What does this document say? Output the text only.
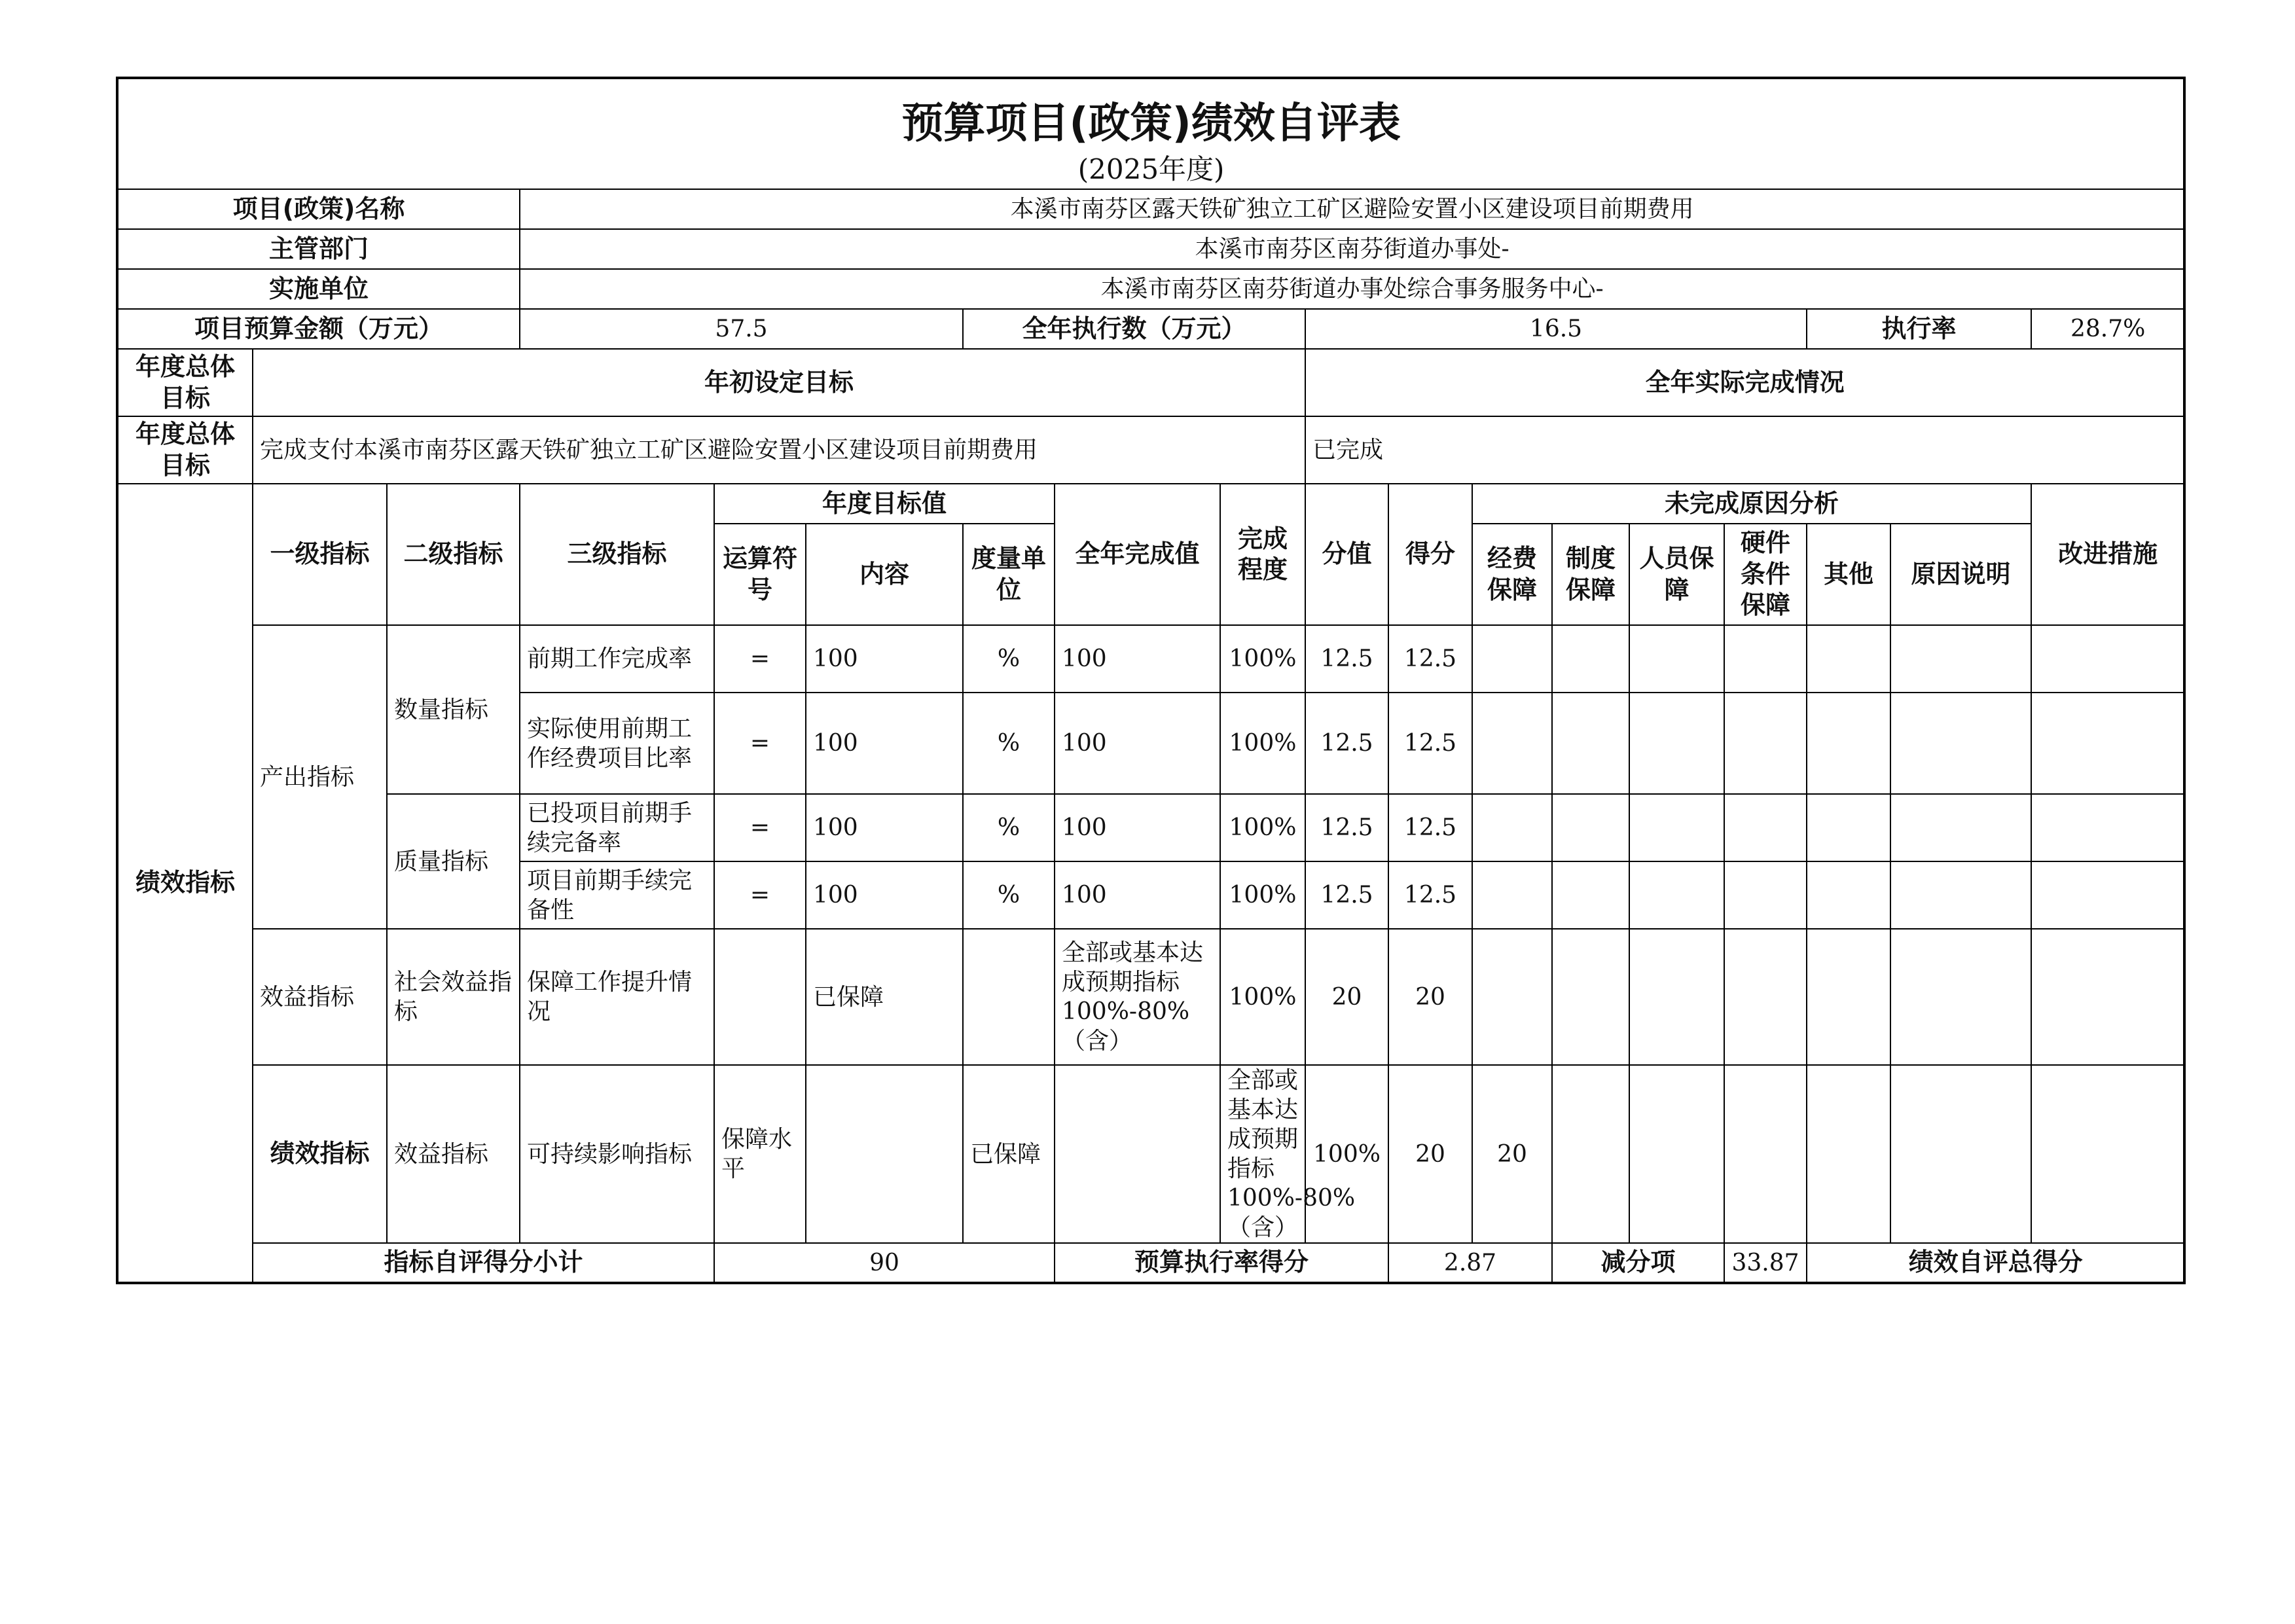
预算项目(政策)绩效自评表																		
(2025年度)																		
项目(政策)名称			本溪市南芬区露天铁矿独立工矿区避险安置小区建设项目前期费用															
主管部门			本溪市南芬区南芬街道办事处-															
实施单位			本溪市南芬区南芬街道办事处综合事务服务中心-															
项目预算金额（万元）			57.5			全年执行数（万元）			16.5						执行率		28.7%	
年度总体目标	年初设定目标								全年实际完成情况									
年度总体目标	完成支付本溪市南芬区露天铁矿独立工矿区避险安置小区建设项目前期费用								已完成									
绩效指标	一级指标	二级指标	三级指标	年度目标值			全年完成值	完成程度	分值	得分	未完成原因分析						改进措施	
				运算符号	内容	度量单位					经费保障	制度保障	人员保障	硬件条件保障	其他	原因说明		
	产出指标	数量指标	前期工作完成率	=	100	%	100	100%	12.5	12.5								
			实际使用前期工作经费项目比率	=	100	%	100	100%	12.5	12.5								
		质量指标	已投项目前期手续完备率	=	100	%	100	100%	12.5	12.5								
			项目前期手续完备性	=	100	%	100	100%	12.5	12.5								
	效益指标	社会效益指标	保障工作提升情况		已保障		全部或基本达成预期指标100%-80%（含）	100%	20	20								
	绩效指标	效益指标	可持续影响指标	保障水平		已保障		全部或基本达成预期指标100%-80%（含）	100%	20	20							
	指标自评得分小计			90			预算执行率得分			2.87		减分项		33.87	绩效自评总得分	
